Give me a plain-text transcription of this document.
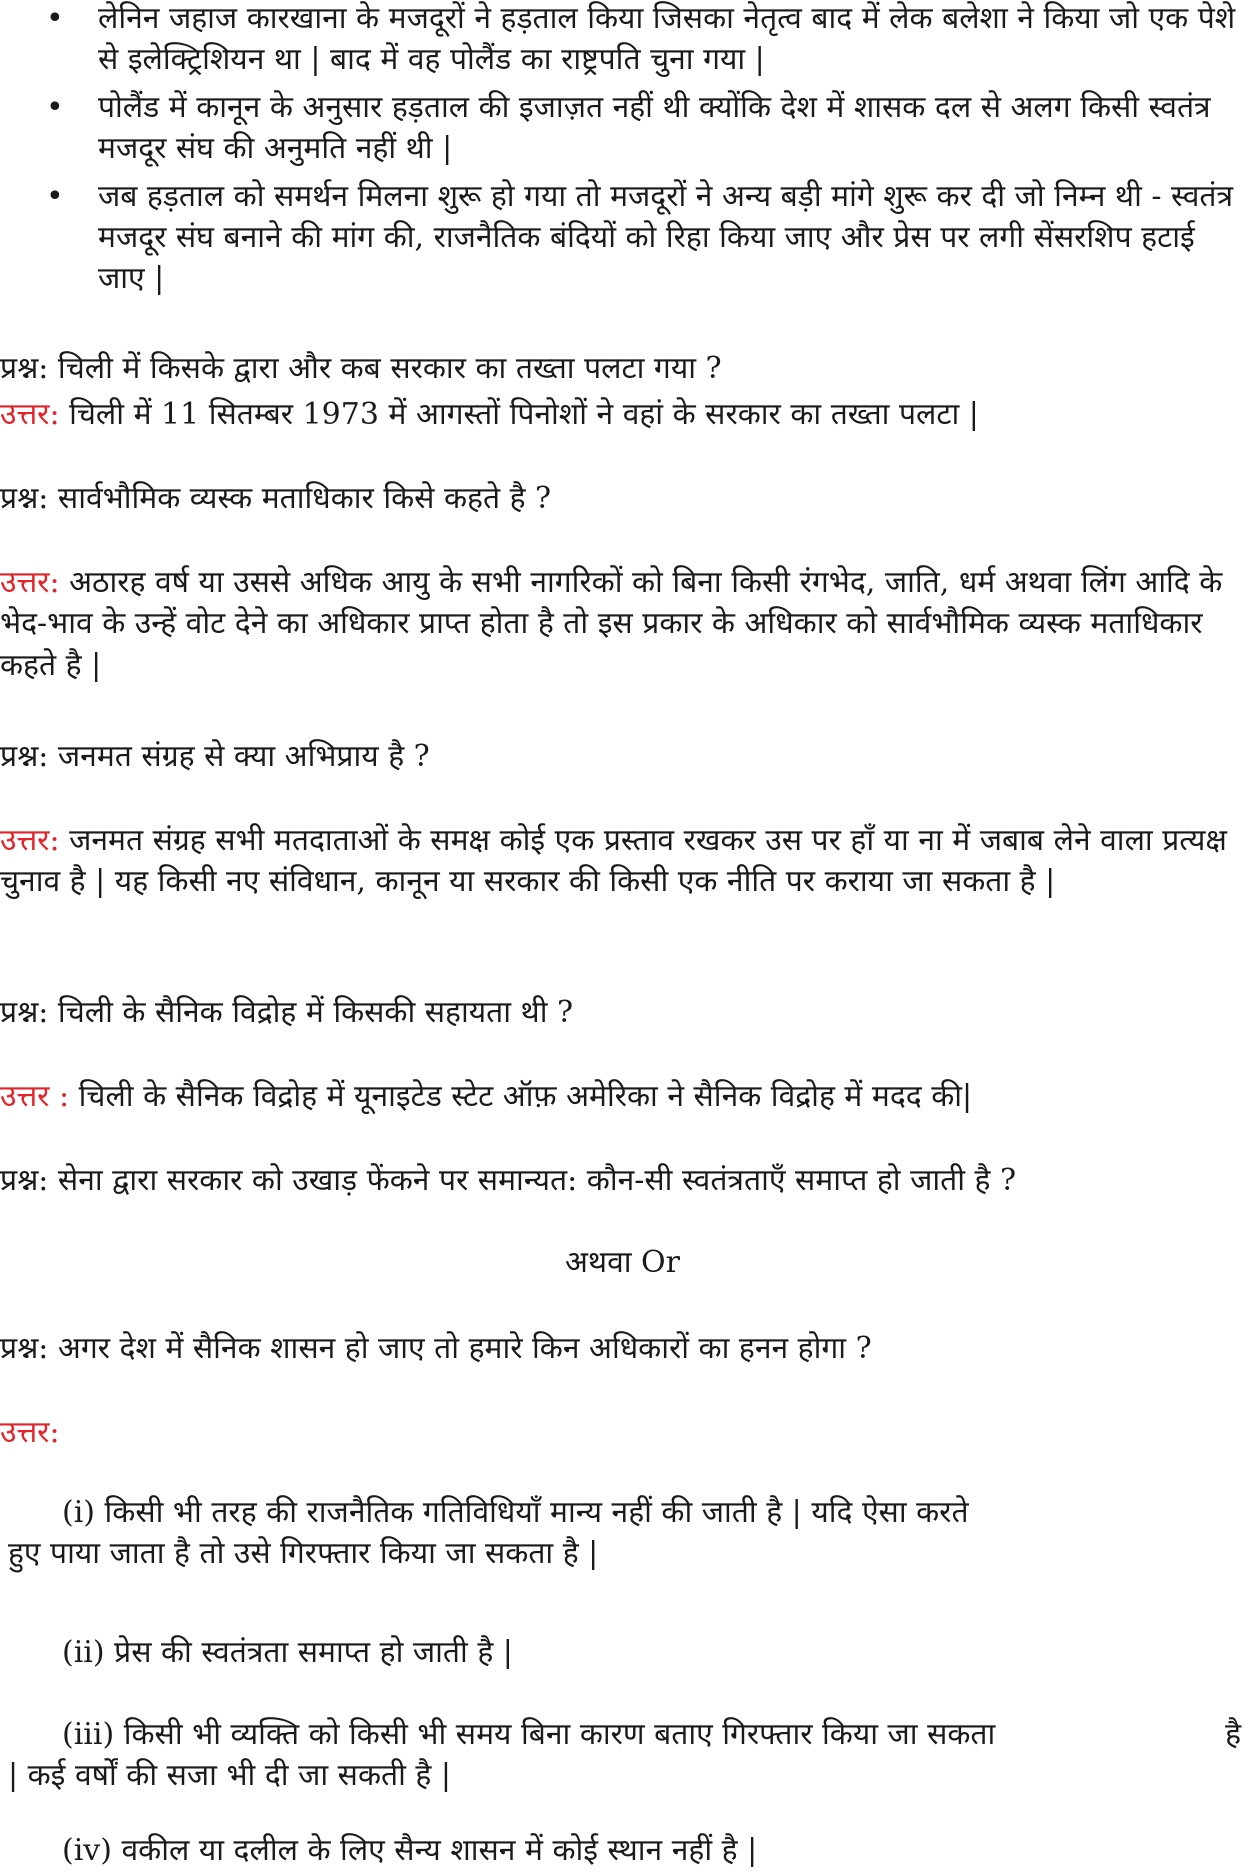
• लेनिन जहाज कारखाना के मजदूरों ने हड़ताल किया जिसका नेतृत्व बाद में लेक बलेशा ने किया जो एक पेशे से इलेक्ट्रिशियन था | बाद में वह पोलैंड का राष्ट्रपति चुना गया |
• पोलैंड में कानून के अनुसार हड़ताल की इजाज़त नहीं थी क्योंकि देश में शासक दल से अलग किसी स्वतंत्र मजदूर संघ की अनुमति नहीं थी |
• जब हड़ताल को समर्थन मिलना शुरू हो गया तो मजदूरों ने अन्य बड़ी मांगे शुरू कर दी जो निम्न थी - स्वतंत्र मजदूर संघ बनाने की मांग की, राजनैतिक बंदियों को रिहा किया जाए और प्रेस पर लगी सेंसरशिप हटाई जाए |

प्रश्न: चिली में किसके द्वारा और कब सरकार का तख्ता पलटा गया ?

उत्तर: चिली में 11 सितम्बर 1973 में आगस्तों पिनोशों ने वहां के सरकार का तख्ता पलटा |

प्रश्न: सार्वभौमिक व्यस्क मताधिकार किसे कहते है ?

उत्तर: अठारह वर्ष या उससे अधिक आयु के सभी नागरिकों को बिना किसी रंगभेद, जाति, धर्म अथवा लिंग आदि के भेद-भाव के उन्हें वोट देने का अधिकार प्राप्त होता है तो इस प्रकार के अधिकार को सार्वभौमिक व्यस्क मताधिकार कहते है |

प्रश्न: जनमत संग्रह से क्या अभिप्राय है ?

उत्तर: जनमत संग्रह सभी मतदाताओं के समक्ष कोई एक प्रस्ताव रखकर उस पर हाँ या ना में जबाब लेने वाला प्रत्यक्ष चुनाव है | यह किसी नए संविधान, कानून या सरकार की किसी एक नीति पर कराया जा सकता है |

प्रश्न: चिली के सैनिक विद्रोह में किसकी सहायता थी ?

उत्तर : चिली के सैनिक विद्रोह में यूनाइटेड स्टेट ऑफ़ अमेरिका ने सैनिक विद्रोह में मदद की|

प्रश्न: सेना द्वारा सरकार को उखाड़ फेंकने पर समान्यत: कौन-सी स्वतंत्रताएँ समाप्त हो जाती है ?

अथवा Or

प्रश्न: अगर देश में सैनिक शासन हो जाए तो हमारे किन अधिकारों का हनन होगा ?

उत्तर:

(i) किसी भी तरह की राजनैतिक गतिविधियाँ मान्य नहीं की जाती है | यदि ऐसा करते
हुए पाया जाता है तो उसे गिरफ्तार किया जा सकता है |
(ii) प्रेस की स्वतंत्रता समाप्त हो जाती है |
(iii) किसी भी व्यक्ति को किसी भी समय बिना कारण बताए गिरफ्तार किया जा सकता	है
| कई वर्षों की सजा भी दी जा सकती है |
(iv) वकील या दलील के लिए सैन्य शासन में कोई स्थान नहीं है |
